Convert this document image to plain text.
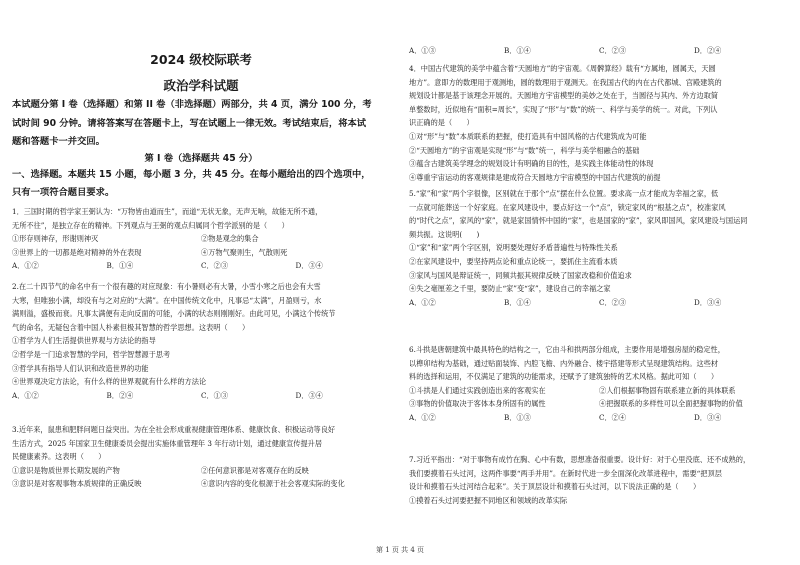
2024 级校际联考
政治学科试题

本试题分第 I 卷（选择题）和第 II 卷（非选择题）两部分，共 4 页，满分 100 分，考

试时间 90 分钟。请将答案写在答题卡上，写在试题上一律无效。考试结束后，将本试

题和答题卡一并交回。

第 I 卷（选择题共 45 分）

一、选择题。本题共 15 小题，每小题 3 分，共 45 分。在每小题给出的四个选项中，

只有一项符合题目要求。

1．三国时期的哲学家王弼认为：“万物皆由道而生”，而道“无状无象，无声无响，故能无所不通，

无所不往”，是独立存在的精神。下列观点与王弼的观点归属同个哲学派别的是（　　）

①形存则神存，形谢则神灭	②物是观念的集合
③世界上的一切都是绝对精神的外在表现	④万物气聚则生，气散则死
A．①②	B．①④	C．②③	D．③④

2.在二十四节气的命名中有一个很有趣的对应现象：有小暑则必有大暑，小雪小寒之后也会有大雪

大寒，但唯独小满，却没有与之对应的“大满”。在中国传统文化中，凡事忌“太满”，月盈则亏，水

满则溢，盛极而衰。凡事太满便有走向反面的可能，小满的状态则刚刚好。由此可见，小满这个传统节

气的命名，无疑包含着中国人朴素但极其智慧的哲学思想。这表明（　　）

①哲学为人们生活提供世界观与方法论的指导

②哲学是一门追求智慧的学问，哲学智慧源于思考

③哲学具有指导人们认识和改造世界的功能

④世界观决定方法论，有什么样的世界观就有什么样的方法论

A．①②	B．②④	C．①③	D．③④

3.近年来，鼠患和肥胖问题日益突出。为在全社会形成重视健康管理体系、健康饮食、积极运动等良好

生活方式，2025 年国家卫生健康委员会提出实施体重管理年 3 年行动计划，通过健康宣传提升居

民健康素养。这表明（　　）

①意识是物质世界长期发展的产物	②任何意识都是对客观存在的反映
③意识是对客观事物本质规律的正确反映	④意识内容的变化根源于社会客观实际的变化
A．①③	B．①④	C．②③	D．②④

4．中国古代建筑的美学中蕴含着“天圆地方”的宇宙观。《周髀算经》载有“方属地，圆属天，天圆

地方”。意即方的数理用于观测地，圆的数理用于观测天。在我国古代的内在古代都城、宫殿建筑的

规划设计都是基于该理念开展的。天圆地方宇宙模型的美妙之处在于，当圆径与其内、外方边取简

单整数时，近似地有“面积=周长”，实现了“形”与“数”的统一、科学与美学的统一。对此，下列认

识正确的是（　　）

①对“形”与“数”本质联系的把握，使打造具有中国风格的古代建筑成为可能

②“天圆地方”的宇宙观是实现“形”与“数”统一，科学与美学相融合的基础

③蕴含古建筑美学理念的规划设计有明确的目的性，是实践主体能动性的体现

④尊重宇宙运动的客观规律是建成符合天圆地方宇宙模型的中国古代建筑的前提

5.“家”和“家”两个字很像，区别就在于那个“点”摆在什么位置。要求高一点才能成为幸福之家，低

一点就可能葬送一个好家庭。在家风建设中，要点好这一个“点”，锁定家风的“根基之点”，校准家风

的“时代之点”，家风的“家”，就是家国情怀中国的“家”，也是国家的“家”，家风即国风，家风建设与国运同

频共振。这说明(　　)

①“家”和“家”两个字区别，说明要处理好矛盾普遍性与特殊性关系

②在家风建设中，要坚持两点论和重点论统一，要抓住主流看本质

③家风与国风是辩证统一，同频共振其规律反映了国家改稳和价值追求

④失之毫厘差之千里，要防止“家”变“家”，建设自己的幸福之家

A．①②	B．①④	C．②③	D．③④

6.斗拱是唐朝建筑中最具特色的结构之一，它由斗和拱两部分组成，主要作用是增强房屋的稳定性，

以榫卯结构为基础，通过贴面装饰、内腔飞檐、内外融合、楼宇搭建等形式呈现建筑结构。这些材

料的选择和运用，不仅满足了建筑的功能需求，还赋予了建筑独特的艺术风格。据此可知（　　）

①斗拱是人们通过实践创造出来的客观实在	②人们根据事物固有联系建立新的具体联系
③事物的价值取决于客体本身所固有的属性	④把握联系的多样性可以全面把握事物的价值
A．①②	B．①③	C．②④	D．③④

7.习近平指出：“对于事物有成竹在胸、心中有数，思想准备很重要。设计好：对于心里没底、还不成熟的，

我们要摸着石头过河，这两件事要“两手并用”。在新时代进一步全面深化改革进程中，需要“把顶层

设计和摸着石头过河结合起来”。关于顶层设计和摸着石头过河，以下说法正确的是（　　）

①摸着石头过河要把握不同地区和领域的改革实际

第 1 页 共 4 页
